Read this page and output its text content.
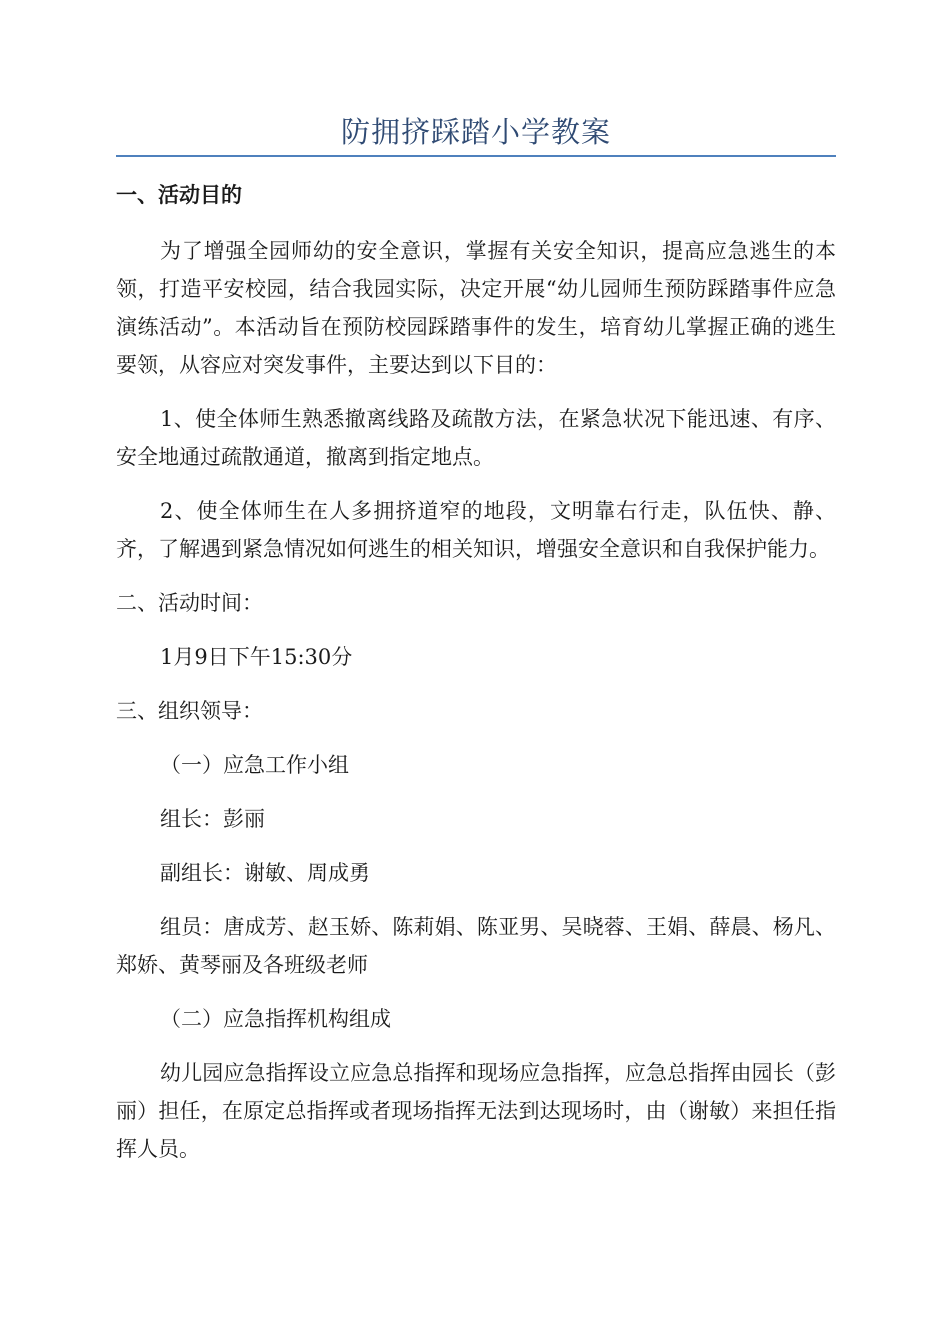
防拥挤踩踏小学教案
一、活动目的

为了增强全园师幼的安全意识，掌握有关安全知识，提高应急逃生的本领，打造平安校园，结合我园实际，决定开展“幼儿园师生预防踩踏事件应急演练活动”。本活动旨在预防校园踩踏事件的发生，培育幼儿掌握正确的逃生要领，从容应对突发事件，主要达到以下目的：

1、使全体师生熟悉撤离线路及疏散方法，在紧急状况下能迅速、有序、安全地通过疏散通道，撤离到指定地点。

2、使全体师生在人多拥挤道窄的地段，文明靠右行走，队伍快、静、齐，了解遇到紧急情况如何逃生的相关知识，增强安全意识和自我保护能力。

二、活动时间：

1月9日下午15:30分

三、组织领导：

（一）应急工作小组

组长：彭丽

副组长：谢敏、周成勇

组员：唐成芳、赵玉娇、陈莉娟、陈亚男、吴晓蓉、王娟、薛晨、杨凡、郑娇、黄琴丽及各班级老师

（二）应急指挥机构组成

幼儿园应急指挥设立应急总指挥和现场应急指挥，应急总指挥由园长（彭丽）担任，在原定总指挥或者现场指挥无法到达现场时，由（谢敏）来担任指挥人员。
